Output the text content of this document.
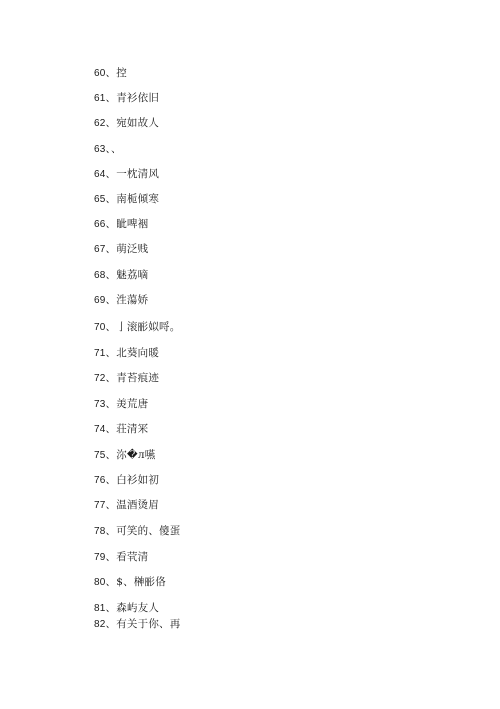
60、控
61、青衫依旧
62、宛如故人
63、、
64、一枕清风
65、南栀倾寒
66、眦啤裀
67、萌泛贱
68、魅荔嘀
69、泩蕩娇
70、亅滚彨姒哷。
71、北葵向暖
72、青苔痕迹
73、羙荒唐
74、荘清冞
75、沵�л嚥
76、白衫如初
77、温酒烫眉
78、可笑的、傻蛋
79、看茕清
80、$、榊彨佫
81、森屿友人
82、有关于你、再
